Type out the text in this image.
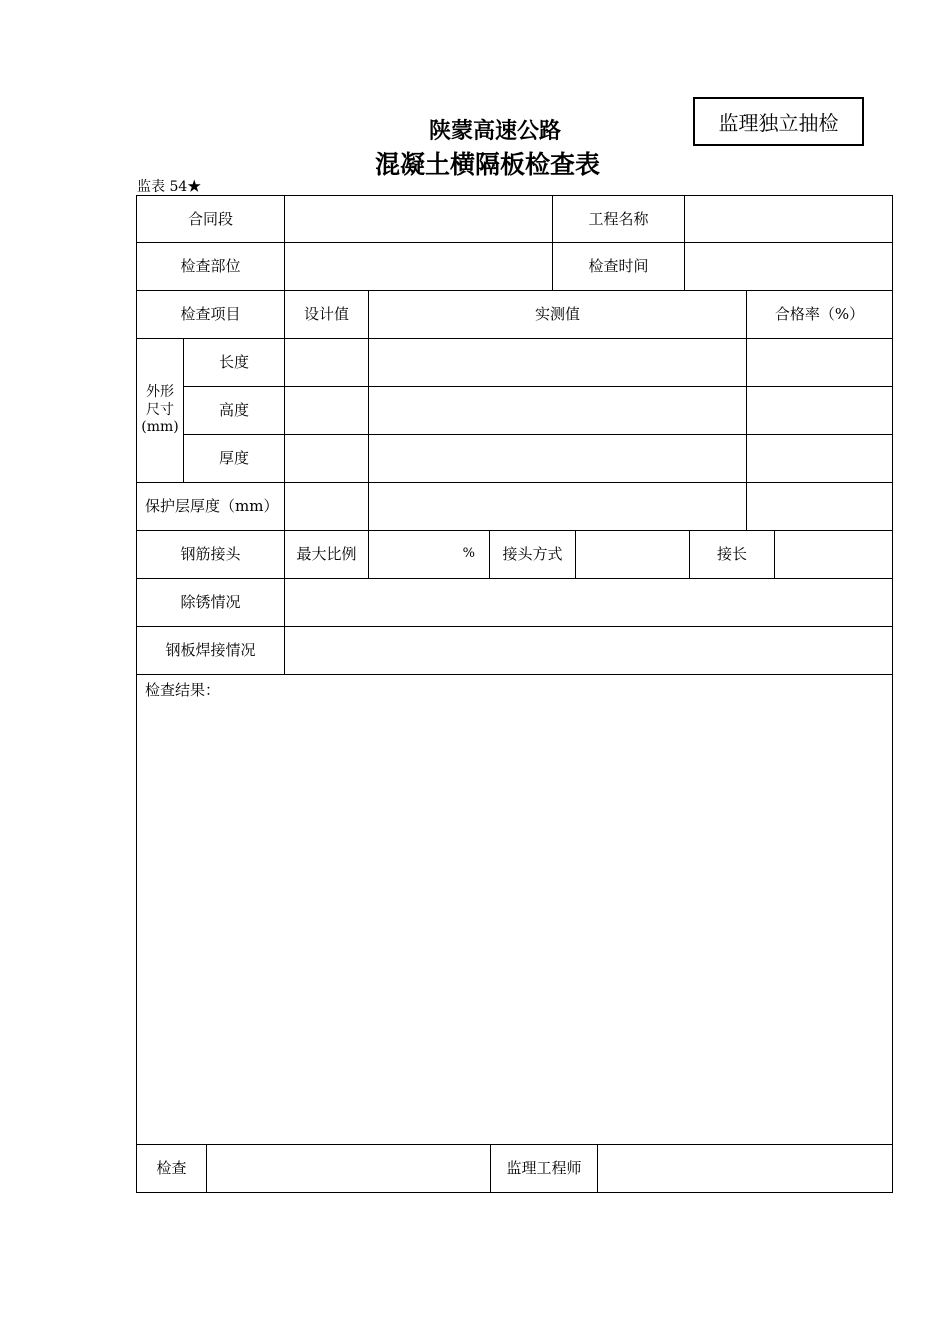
监理独立抽检
陕蒙高速公路
混凝土横隔板检查表
监表 54★
合同段	工程名称
检查部位	检查时间
检查项目	设计值	实测值	合格率（%）
外形尺寸(mm)
长度
高度
厚度
保护层厚度（mm）
钢筋接头	最大比例	%	接头方式	接长
除锈情况
钢板焊接情况
检查结果：
检查	监理工程师
